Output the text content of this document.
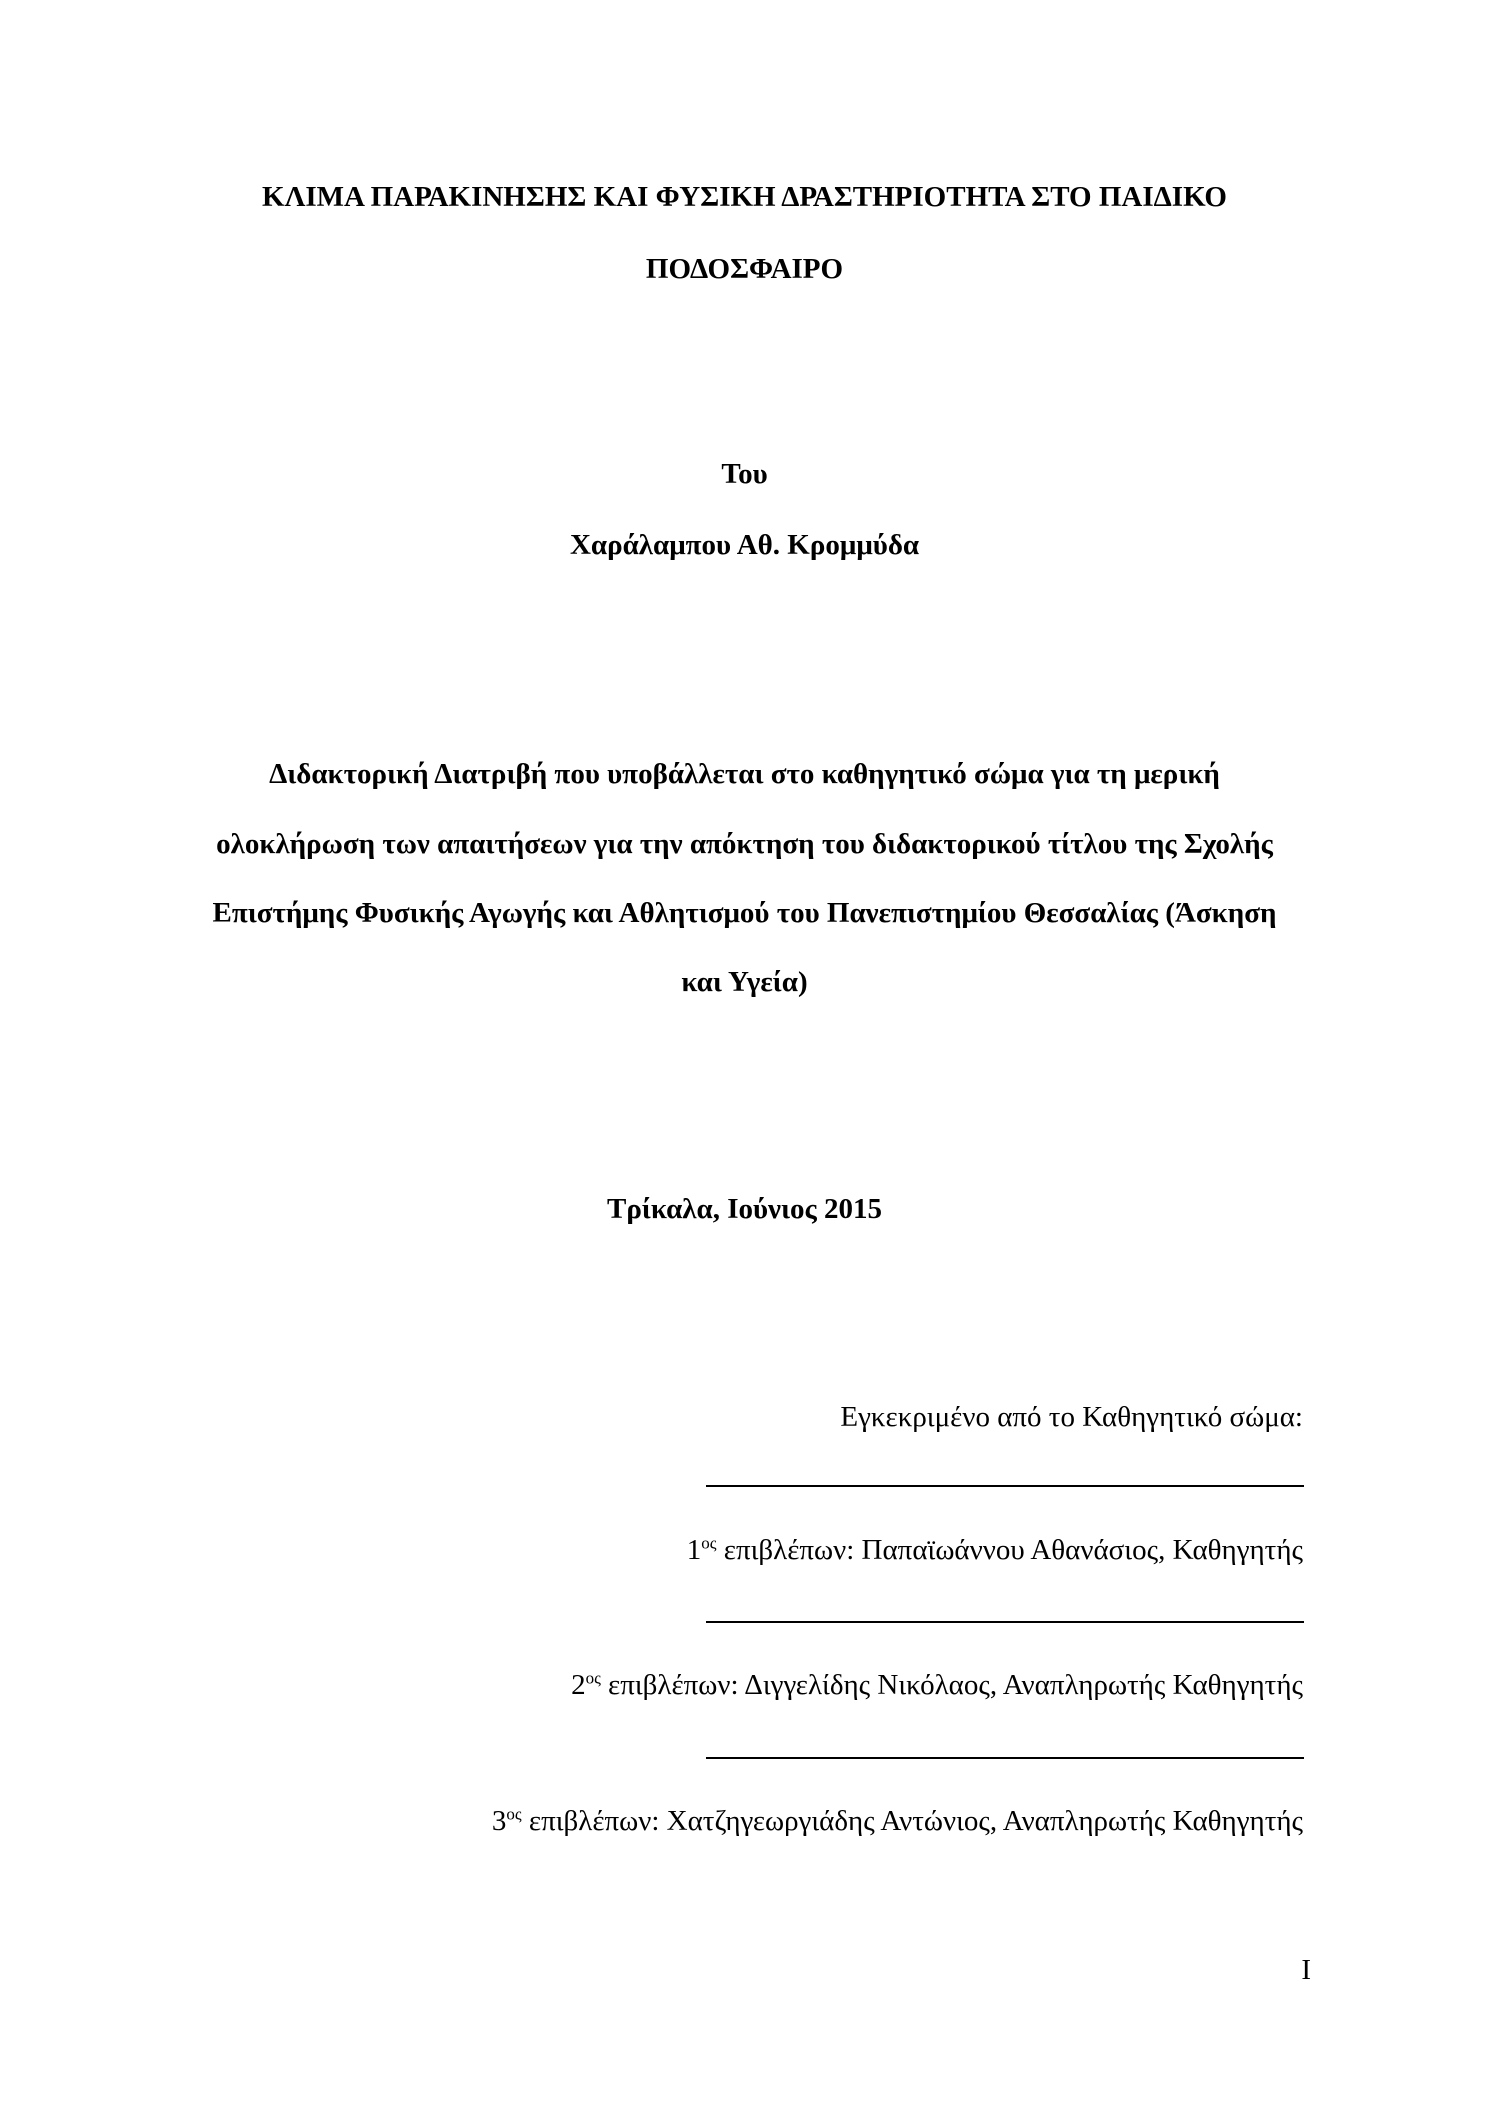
ΚΛΙΜΑ ΠΑΡΑΚΙΝΗΣΗΣ ΚΑΙ ΦΥΣΙΚΗ ΔΡΑΣΤΗΡΙΟΤΗΤΑ ΣΤΟ ΠΑΙΔΙΚΟ
ΠΟΔΟΣΦΑΙΡΟ
Του
Χαράλαμπου Αθ. Κρομμύδα
Διδακτορική Διατριβή που υποβάλλεται στο καθηγητικό σώμα για τη μερική
ολοκλήρωση των απαιτήσεων για την απόκτηση του διδακτορικού τίτλου της Σχολής
Επιστήμης Φυσικής Αγωγής και Αθλητισμού του Πανεπιστημίου Θεσσαλίας (Άσκηση
και Υγεία)
Τρίκαλα, Ιούνιος 2015
Εγκεκριμένο από το Καθηγητικό σώμα:
$1^{o\varsigma}$ επιβλέπων: Παπαϊωάννου Αθανάσιος, Καθηγητής
$2^{o\varsigma}$ επιβλέπων: Διγγελίδης Νικόλαος, Αναπληρωτής Καθηγητής
$3^{o\varsigma}$ επιβλέπων: Χατζηγεωργιάδης Αντώνιος, Αναπληρωτής Καθηγητής
I
